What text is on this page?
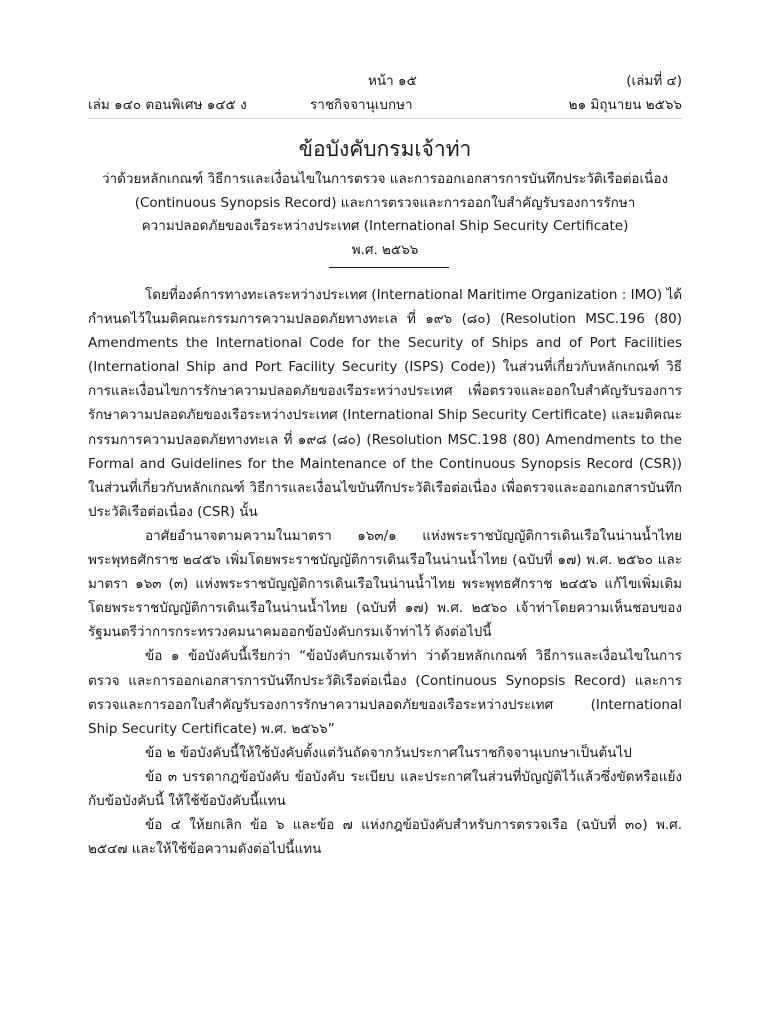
หน้า ๑๕	(เล่มที่ ๔)
เล่ม ๑๔๐ ตอนพิเศษ ๑๔๕ ง	ราชกิจจานุเบกษา	๒๑ มิถุนายน ๒๕๖๖
ข้อบังคับกรมเจ้าท่า
ว่าด้วยหลักเกณฑ์ วิธีการและเงื่อนไขในการตรวจ และการออกเอกสารการบันทึกประวัติเรือต่อเนื่อง
(Continuous Synopsis Record) และการตรวจและการออกใบสำคัญรับรองการรักษา
ความปลอดภัยของเรือระหว่างประเทศ (International Ship Security Certificate)
พ.ศ. ๒๕๖๖

โดยที่องค์การทางทะเลระหว่างประเทศ (International Maritime Organization : IMO) ได้กำหนดไว้ในมติคณะกรรมการความปลอดภัยทางทะเล ที่ ๑๙๖ (๘๐) (Resolution MSC.196 (80) Amendments the International Code for the Security of Ships and of Port Facilities (International Ship and Port Facility Security (ISPS) Code)) ในส่วนที่เกี่ยวกับหลักเกณฑ์ วิธีการและเงื่อนไขการรักษาความปลอดภัยของเรือระหว่างประเทศ เพื่อตรวจและออกใบสำคัญรับรองการรักษาความปลอดภัยของเรือระหว่างประเทศ (International Ship Security Certificate) และมติคณะกรรมการความปลอดภัยทางทะเล ที่ ๑๙๘ (๘๐) (Resolution MSC.198 (80) Amendments to the Formal and Guidelines for the Maintenance of the Continuous Synopsis Record (CSR)) ในส่วนที่เกี่ยวกับหลักเกณฑ์ วิธีการและเงื่อนไขบันทึกประวัติเรือต่อเนื่อง เพื่อตรวจและออกเอกสารบันทึกประวัติเรือต่อเนื่อง (CSR) นั้น

อาศัยอำนาจตามความในมาตรา ๑๖๓/๑ แห่งพระราชบัญญัติการเดินเรือในน่านน้ำไทย พระพุทธศักราช ๒๔๕๖ เพิ่มโดยพระราชบัญญัติการเดินเรือในน่านน้ำไทย (ฉบับที่ ๑๗) พ.ศ. ๒๕๖๐ และมาตรา ๑๖๓ (๓) แห่งพระราชบัญญัติการเดินเรือในน่านน้ำไทย พระพุทธศักราช ๒๔๕๖ แก้ไขเพิ่มเติมโดยพระราชบัญญัติการเดินเรือในน่านน้ำไทย (ฉบับที่ ๑๗) พ.ศ. ๒๕๖๐ เจ้าท่าโดยความเห็นชอบของรัฐมนตรีว่าการกระทรวงคมนาคมออกข้อบังคับกรมเจ้าท่าไว้ ดังต่อไปนี้

ข้อ ๑ ข้อบังคับนี้เรียกว่า “ข้อบังคับกรมเจ้าท่า ว่าด้วยหลักเกณฑ์ วิธีการและเงื่อนไขในการตรวจ และการออกเอกสารการบันทึกประวัติเรือต่อเนื่อง (Continuous Synopsis Record) และการตรวจและการออกใบสำคัญรับรองการรักษาความปลอดภัยของเรือระหว่างประเทศ (International Ship Security Certificate) พ.ศ. ๒๕๖๖”

ข้อ ๒ ข้อบังคับนี้ให้ใช้บังคับตั้งแต่วันถัดจากวันประกาศในราชกิจจานุเบกษาเป็นต้นไป

ข้อ ๓ บรรดากฎข้อบังคับ ข้อบังคับ ระเบียบ และประกาศในส่วนที่บัญญัติไว้แล้วซึ่งขัดหรือแย้งกับข้อบังคับนี้ ให้ใช้ข้อบังคับนี้แทน

ข้อ ๔ ให้ยกเลิก ข้อ ๖ และข้อ ๗ แห่งกฎข้อบังคับสำหรับการตรวจเรือ (ฉบับที่ ๓๐) พ.ศ. ๒๕๔๗ และให้ใช้ข้อความดังต่อไปนี้แทน
